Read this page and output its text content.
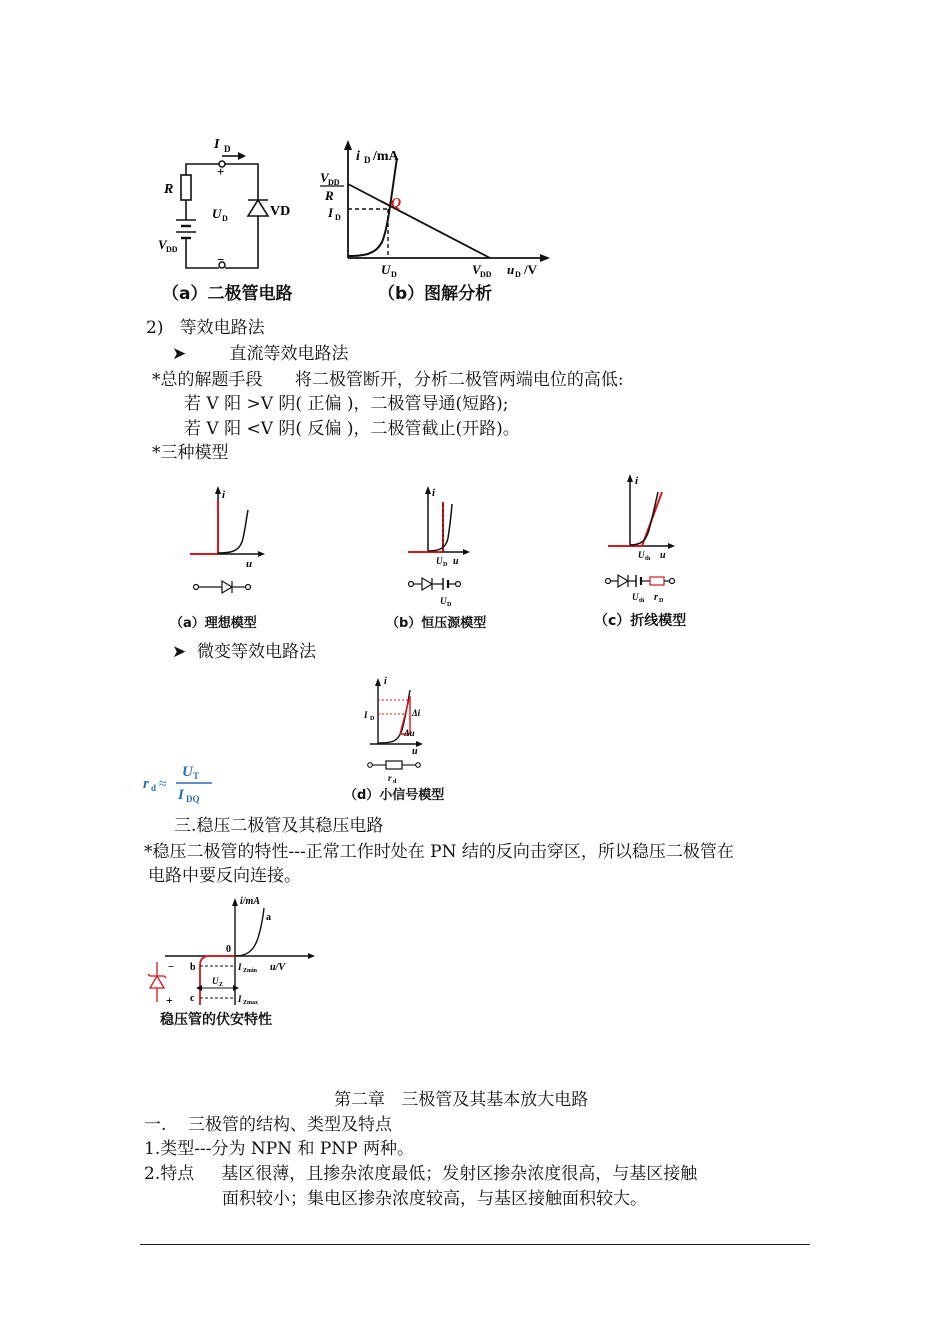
I D
+
−
R
U D	VD
V DD
i D /mA
V DD
R
I D
Q
U D	V DD u D /V
（a）二极管电路	（b）图解分析
2)   等效电路法
➤        直流等效电路法
*总的解题手段      将二极管断开，分析二极管两端电位的高低:
若 V 阳 >V 阴( 正偏 )，二极管导通(短路);
若 V 阳 <V 阴( 反偏 )，二极管截止(开路)。
*三种模型
i
u
i
U D u
U D
i
U th u
U th r D
（a）理想模型	（b）恒压源模型	（c）折线模型
➤  微变等效电路法
i
I D
Δi
Δu
u
r d
（d）小信号模型
r d ≈
U T
I DQ
三.稳压二极管及其稳压电路
*稳压二极管的特性---正常工作时处在 PN 结的反向击穿区，所以稳压二极管在
电路中要反向连接。
i/mA
a
0
− b	I Zmin u/V
U Z
+ c	I Zmax
稳压管的伏安特性
第二章   三极管及其基本放大电路
一.    三极管的结构、类型及特点
1.类型---分为 NPN 和 PNP 两种。
2.特点     基区很薄，且掺杂浓度最低；发射区掺杂浓度很高，与基区接触
面积较小；集电区掺杂浓度较高，与基区接触面积较大。
